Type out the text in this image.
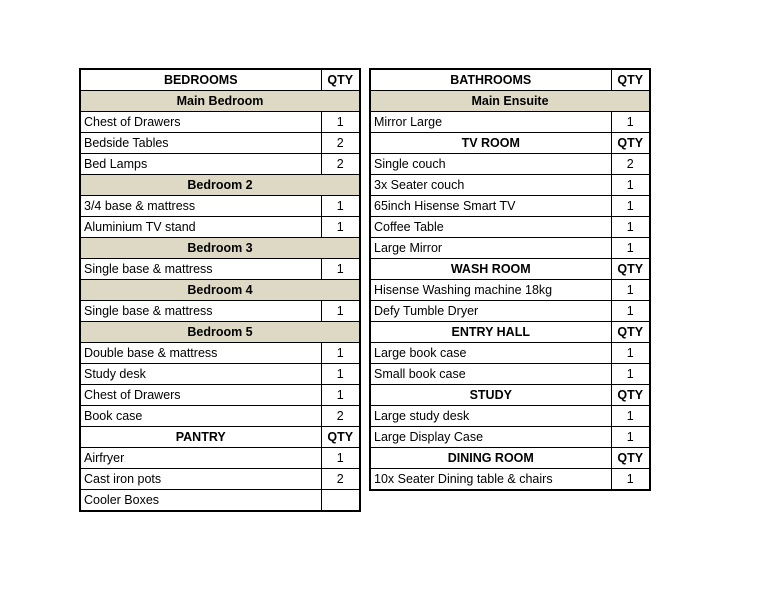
BEDROOMS	QTY
Main Bedroom	
Chest of Drawers	1
Bedside Tables	2
Bed Lamps	2
Bedroom 2	
3/4 base & mattress	1
Aluminium TV stand	1
Bedroom 3	
Single base & mattress	1
Bedroom 4	
Single base & mattress	1
Bedroom 5	
Double base & mattress	1
Study desk	1
Chest of Drawers	1
Book case	2
PANTRY	QTY
Airfryer	1
Cast iron pots	2
Cooler Boxes	
BATHROOMS	QTY
Main Ensuite	
Mirror Large	1
TV ROOM	QTY
Single couch	2
3x Seater couch	1
65inch Hisense Smart TV	1
Coffee Table	1
Large Mirror	1
WASH ROOM	QTY
Hisense Washing machine 18kg	1
Defy Tumble Dryer	1
ENTRY HALL	QTY
Large book case	1
Small book case	1
STUDY	QTY
Large study desk	1
Large Display Case	1
DINING ROOM	QTY
10x Seater Dining table & chairs	1
